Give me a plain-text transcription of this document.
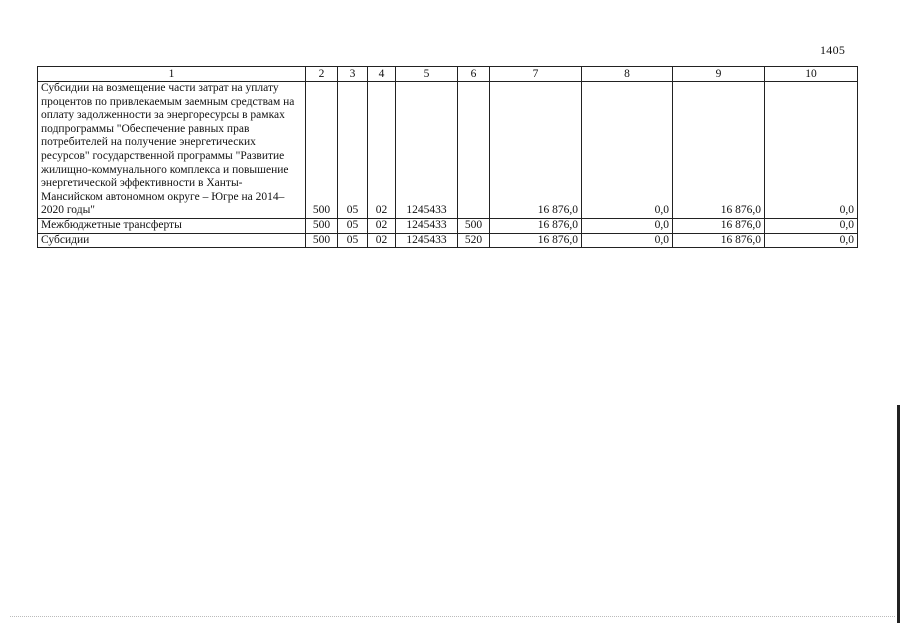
1405
1	2	3	4	5	6	7	8	9	10
Субсидии на возмещение части затрат на уплату процентов по привлекаемым заемным средствам на оплату задолженности за энергоресурсы в рамках подпрограммы "Обеспечение равных прав потребителей на получение энергетических ресурсов" государственной программы "Развитие жилищно-коммунального комплекса и повышение энергетической эффективности в Ханты-Мансийском автономном округе – Югре на 2014–2020 годы"	500	05	02	1245433		16 876,0	0,0	16 876,0	0,0
Межбюджетные трансферты	500	05	02	1245433	500	16 876,0	0,0	16 876,0	0,0
Субсидии	500	05	02	1245433	520	16 876,0	0,0	16 876,0	0,0
